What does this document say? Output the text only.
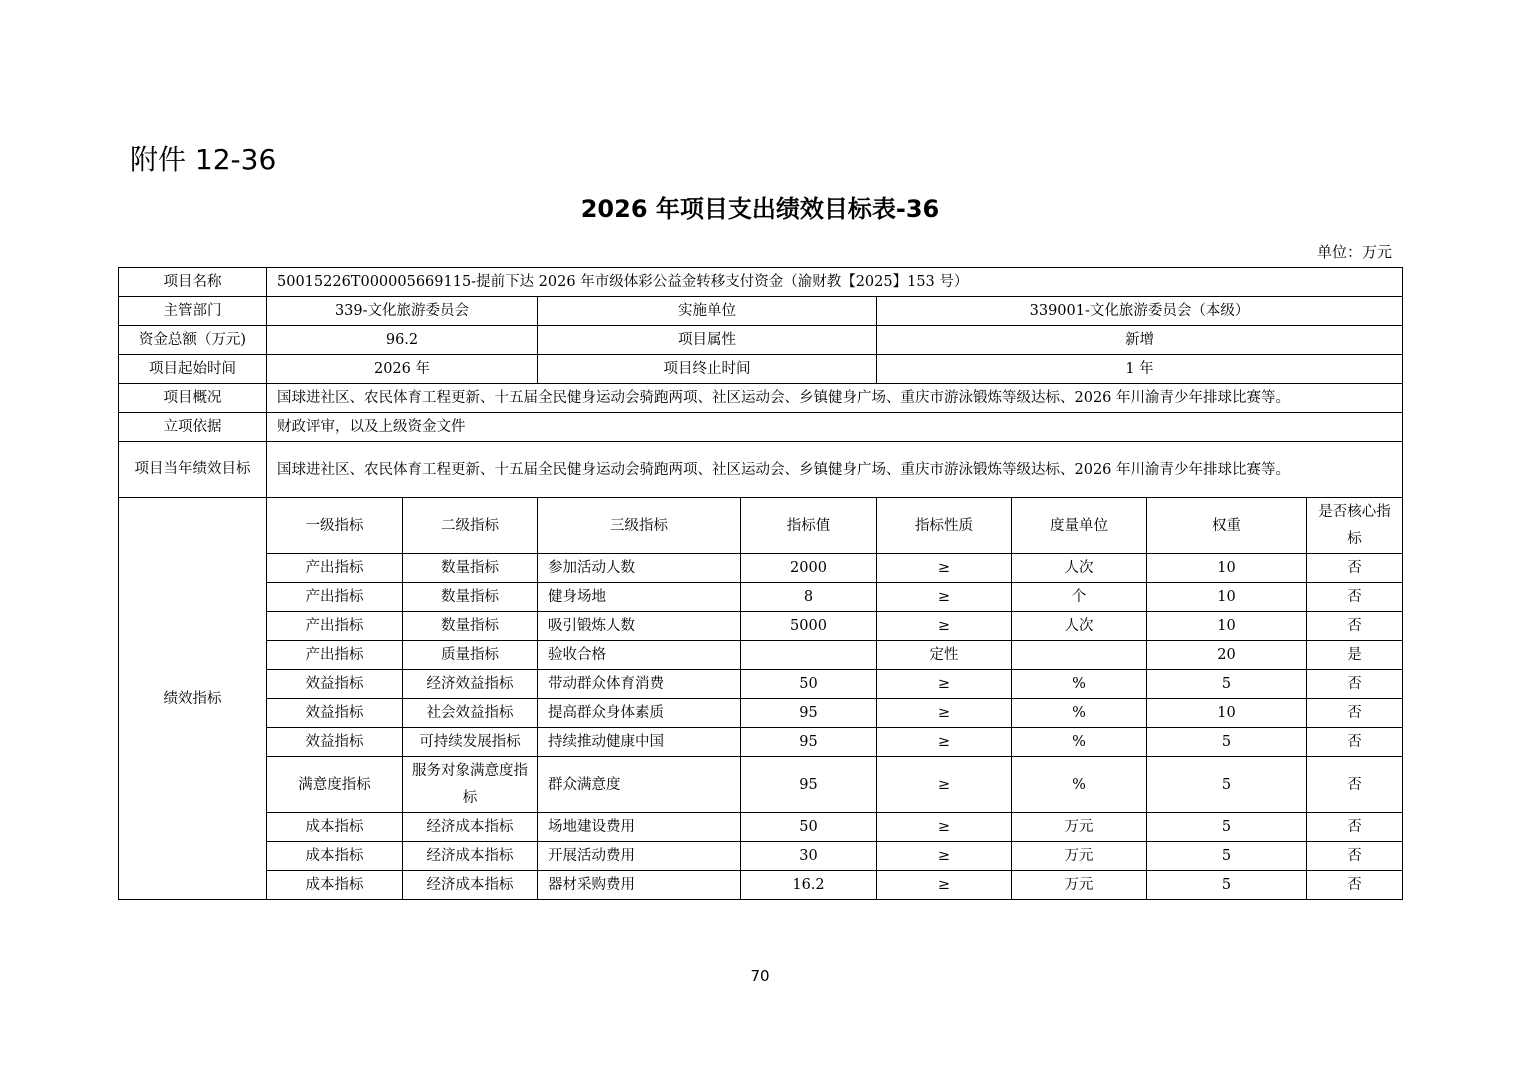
附件 12-36
2026 年项目支出绩效目标表-36
单位：万元
项目名称	50015226T000005669115-提前下达 2026 年市级体彩公益金转移支付资金（渝财教【2025】153 号）							
主管部门	339-文化旅游委员会		实施单位		339001-文化旅游委员会（本级）			
资金总额（万元)	96.2		项目属性		新增			
项目起始时间	2026 年		项目终止时间		1 年			
项目概况	国球进社区、农民体育工程更新、十五届全民健身运动会骑跑两项、社区运动会、乡镇健身广场、重庆市游泳锻炼等级达标、2026 年川渝青少年排球比赛等。							
立项依据	财政评审，以及上级资金文件							
项目当年绩效目标	国球进社区、农民体育工程更新、十五届全民健身运动会骑跑两项、社区运动会、乡镇健身广场、重庆市游泳锻炼等级达标、2026 年川渝青少年排球比赛等。							
绩效指标	一级指标	二级指标	三级指标	指标值	指标性质	度量单位	权重	是否核心指标
	产出指标	数量指标	参加活动人数	2000	≥	人次	10	否
	产出指标	数量指标	健身场地	8	≥	个	10	否
	产出指标	数量指标	吸引锻炼人数	5000	≥	人次	10	否
	产出指标	质量指标	验收合格		定性		20	是
	效益指标	经济效益指标	带动群众体育消费	50	≥	%	5	否
	效益指标	社会效益指标	提高群众身体素质	95	≥	%	10	否
	效益指标	可持续发展指标	持续推动健康中国	95	≥	%	5	否
	满意度指标	服务对象满意度指标	群众满意度	95	≥	%	5	否
	成本指标	经济成本指标	场地建设费用	50	≥	万元	5	否
	成本指标	经济成本指标	开展活动费用	30	≥	万元	5	否
	成本指标	经济成本指标	器材采购费用	16.2	≥	万元	5	否
70
